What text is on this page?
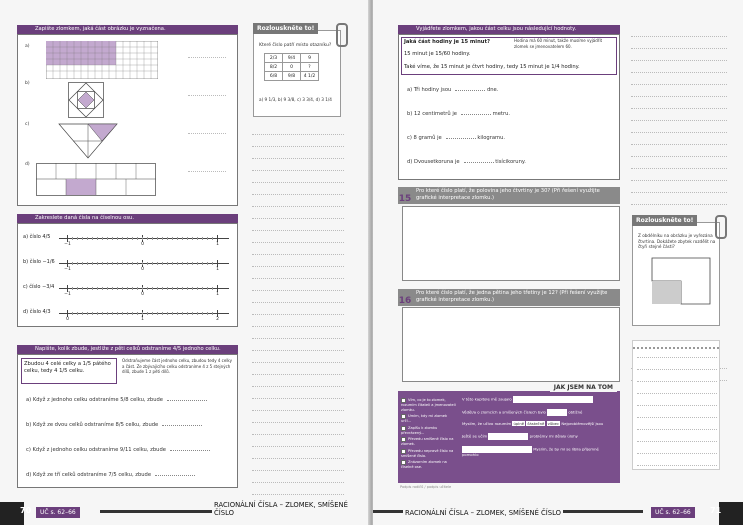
Zapište zlomkem, jaká část obrázku je vyznačena.
a)
b)
c)
d)
Rozlouskněte to!
Které číslo patří místo otazníku?
2/3	9/4	9
8/2	0	?
6/8	9/8	4 1/2
a) 9 1/3, b) 9 3/8, c) 3 3/4, d) 3 1/4
Zakreslete daná čísla na číselnou osu.
a) číslo 4/5
−1	0	1
b) číslo −1/6
−1	0	1
c) číslo −3/4
−1	0	1
d) číslo 4/3
0	1	2
Napište, kolik zbude, jestliže z pěti celků odstraníme 4/5 jednoho celku.
Zbudou 4 celé celky a 1/5 pátého celku, tedy 4 1/5 celku.
Odstraňujeme část jednoho celku, zbudou tedy 4 celky a část. Ze zbývajícího celku odstraníme 4 z 5 stejných dílů, zbude 1 z pěti dílů.
a) Když z jednoho celku odstraníme 5/8 celku, zbude
b) Když ze dvou celků odstraníme 8/5 celku, zbude
c) Když z jednoho celku odstraníme 9/11 celku, zbude
d) Když ze tří celků odstraníme 7/5 celku, zbude
70	UČ s. 62–66
RACIONÁLNÍ ČÍSLA – ZLOMEK, SMÍŠENÉ ČÍSLO
Vyjádřete zlomkem, jakou část celku jsou následující hodnoty.
Jaká část hodiny je 15 minut?	Hodina má 60 minut, takže musíme vyjádřit zlomek se jmenovatelem 60.
15 minut je 15/60 hodiny.
Také víme, že 15 minut je čtvrt hodiny, tedy 15 minut je 1/4 hodiny.
a) Tři hodiny jsou	dne.
b) 12 centimetrů je	metru.
c) 8 gramů je	kilogramu.
d) Dvousetkoruna je	tisícikoruny.
Pro které číslo platí, že polovina jeho čtvrtiny je 30? (Při řešení využijte grafické interpretace zlomku.)
15
Pro které číslo platí, že jedna pětina jeho třetiny je 12? (Při řešení využijte grafické interpretace zlomku.)
16
Rozlouskněte to!
Z obdélníku na obrázku je vyřezána čtvrtina. Dokážete zbytek rozdělit na čtyři stejné části?
JAK JSEM NA TOM
Vím, co je to zlomek, rozumím čitateli a jmenovateli zlomku.
Umím, kdy mi zlomek určí...
Zapíšu k zlomku převrácený...
Převedu smíšené číslo na zlomek.
Převedu nepravé číslo na smíšené číslo.
Znázorním zlomek na číselné ose.
V této kapitole mě zaujalo
Věděl/a o zlomcích a smíšených číslech bylo	obtížné
Myslím, že učivo rozumím úplně částečně vůbec Nejproblémovější jsou
Ještě se učím	problémy mi dělaly úlohy
Myslím, že by mi se líbila příjemné pomohlo
Podpis rodičů / podpis učitele
RACIONÁLNÍ ČÍSLA – ZLOMEK, SMÍŠENÉ ČÍSLO	UČ s. 62–66	71
